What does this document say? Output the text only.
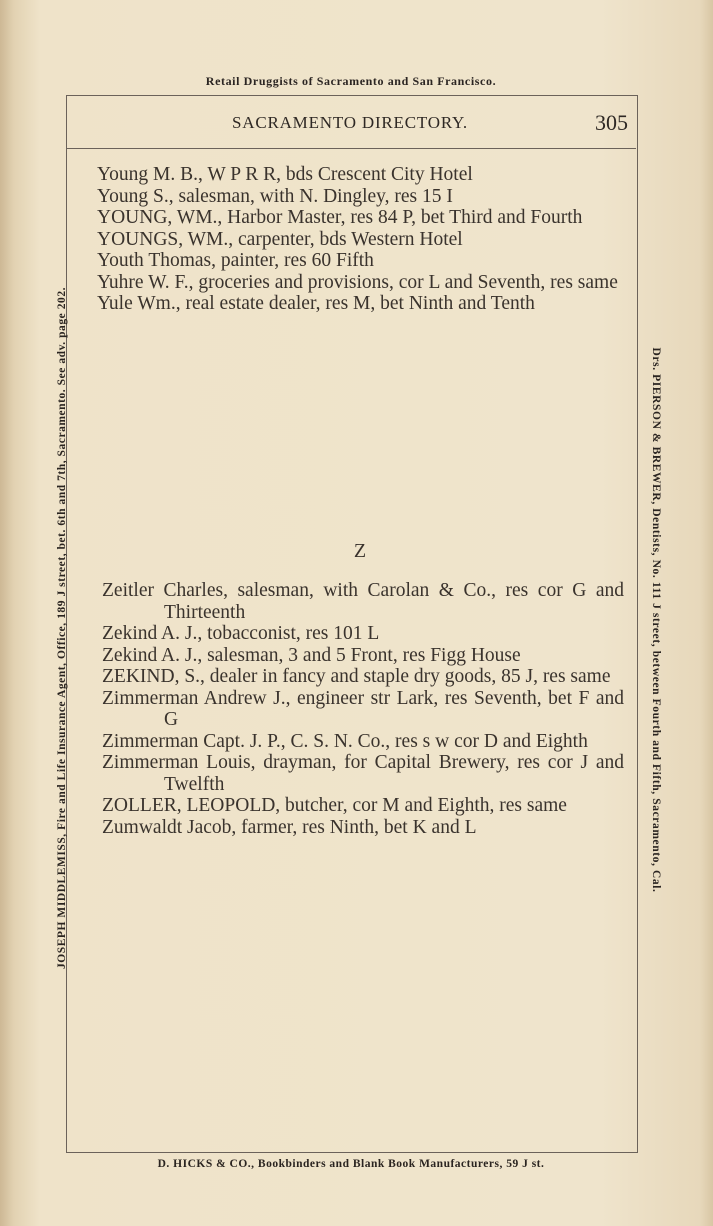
Retail Druggists of Sacramento and San Francisco.
SACRAMENTO DIRECTORY.	305

Young M. B., W P R R, bds Crescent City Hotel

Young S., salesman, with N. Dingley, res 15 I

YOUNG, WM., Harbor Master, res 84 P, bet Third and Fourth

YOUNGS, WM., carpenter, bds Western Hotel

Youth Thomas, painter, res 60 Fifth

Yuhre W. F., groceries and provisions, cor L and Seventh, res same

Yule Wm., real estate dealer, res M, bet Ninth and Tenth

Z

Zeitler Charles, salesman, with Carolan & Co., res cor G and Thirteenth

Zekind A. J., tobacconist, res 101 L

Zekind A. J., salesman, 3 and 5 Front, res Figg House

ZEKIND, S., dealer in fancy and staple dry goods, 85 J, res same

Zimmerman Andrew J., engineer str Lark, res Seventh, bet F and G

Zimmerman Capt. J. P., C. S. N. Co., res s w cor D and Eighth

Zimmerman Louis, drayman, for Capital Brewery, res cor J and Twelfth

ZOLLER, LEOPOLD, butcher, cor M and Eighth, res same

Zumwaldt Jacob, farmer, res Ninth, bet K and L

JOSEPH MIDDLEMISS, Fire and Life Insurance Agent, Office, 189 J street, bet. 6th and 7th, Sacramento. See adv. page 202.	Drs. PIERSON & BREWER, Dentists, No. 111 J street, between Fourth and Fifth, Sacramento, Cal.
D. HICKS & CO., Bookbinders and Blank Book Manufacturers, 59 J st.
